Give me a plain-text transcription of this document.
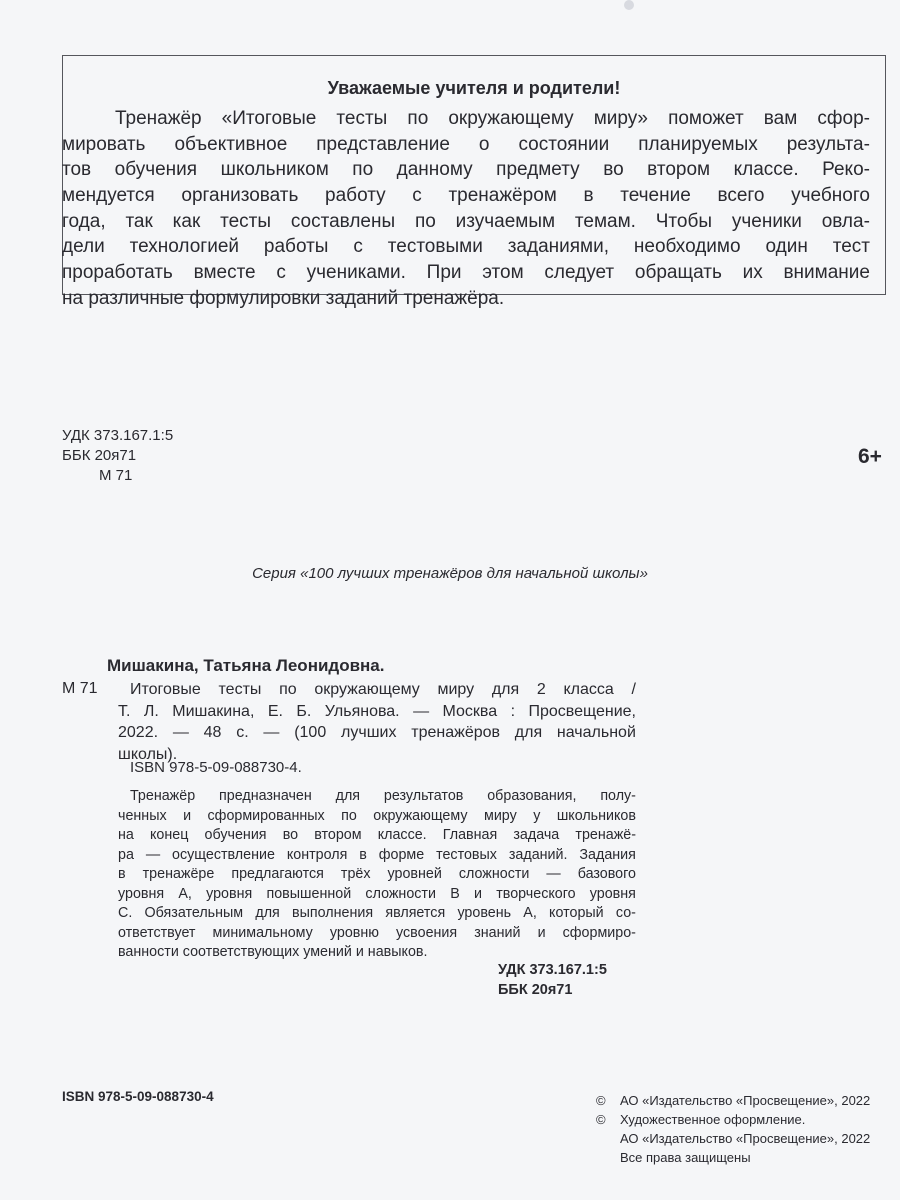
Уважаемые учителя и родители!
Тренажёр «Итоговые тесты по окружающему миру» поможет вам сфор-
мировать объективное представление о состоянии планируемых результа-
тов обучения школьником по данному предмету во втором классе. Реко-
мендуется организовать работу с тренажёром в течение всего учебного
года, так как тесты составлены по изучаемым темам. Чтобы ученики овла-
дели технологией работы с тестовыми заданиями, необходимо один тест
проработать вместе с учениками. При этом следует обращать их внимание
на различные формулировки заданий тренажёра.
УДК 373.167.1:5
ББК 20я71
М 71
6+
Серия «100 лучших тренажёров для начальной школы»
Мишакина, Татьяна Леонидовна.
М 71 Итоговые тесты по окружающему миру для 2 класса /
Т. Л. Мишакина, Е. Б. Ульянова. — Москва : Просвещение,
2022. — 48 с. — (100 лучших тренажёров для начальной
школы).
ISBN 978-5-09-088730-4.
Тренажёр предназначен для результатов образования, полу-
ченных и сформированных по окружающему миру у школьников
на конец обучения во втором классе. Главная задача тренажё-
ра — осуществление контроля в форме тестовых заданий. Задания
в тренажёре предлагаются трёх уровней сложности — базового
уровня А, уровня повышенной сложности В и творческого уровня
С. Обязательным для выполнения является уровень А, который со-
ответствует минимальному уровню усвоения знаний и сформиро-
ванности соответствующих умений и навыков.
УДК 373.167.1:5
ББК 20я71
ISBN 978-5-09-088730-4	©	АО «Издательство «Просвещение», 2022
©	Художественное оформление.
АО «Издательство «Просвещение», 2022
Все права защищены
